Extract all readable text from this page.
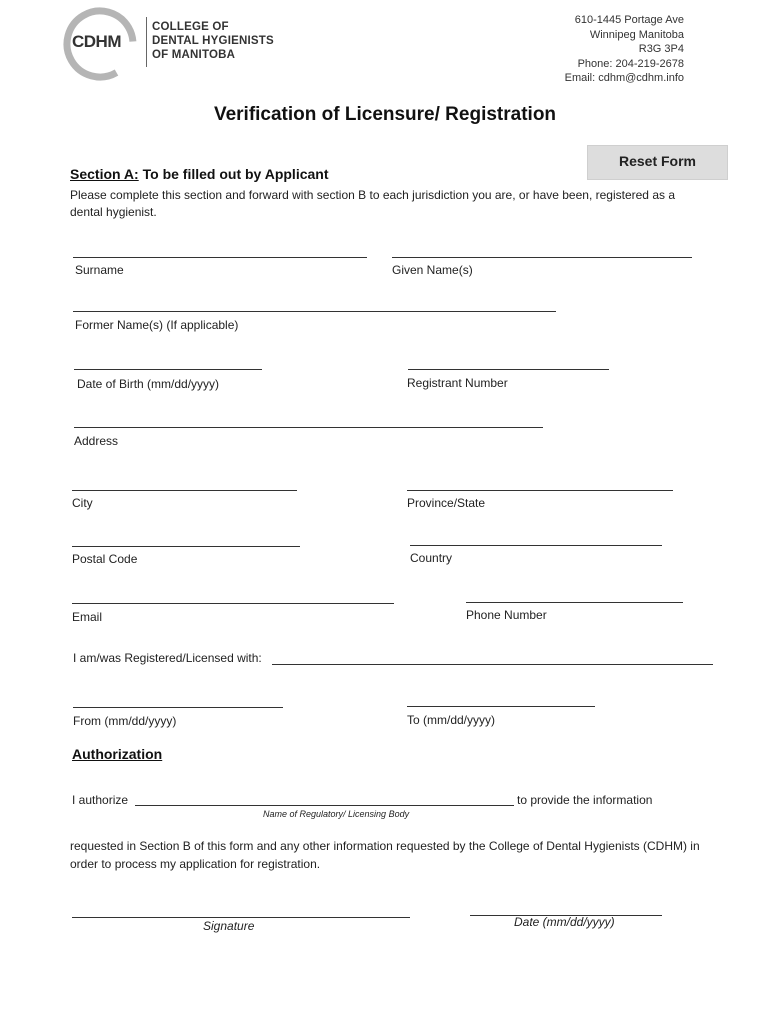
CDHM
COLLEGE OF
DENTAL HYGIENISTS
OF MANITOBA
610-1445 Portage Ave
Winnipeg Manitoba
R3G 3P4
Phone: 204-219-2678
Email: cdhm@cdhm.info
Verification of Licensure/ Registration
Reset Form
Section A: To be filled out by Applicant
Please complete this section and forward with section B to each jurisdiction you are, or have been, registered as a dental hygienist.
Surname	Given Name(s)
Former Name(s) (If applicable)
Date of Birth (mm/dd/yyyy)	Registrant Number
Address
City	Province/State
Postal Code	Country
Email	Phone Number
I am/was Registered/Licensed with:
From (mm/dd/yyyy)	To (mm/dd/yyyy)
Authorization
I authorize	to provide the information
Name of Regulatory/ Licensing Body
requested in Section B of this form and any other information requested by the College of Dental Hygienists (CDHM) in order to process my application for registration.
Signature	Date (mm/dd/yyyy)
